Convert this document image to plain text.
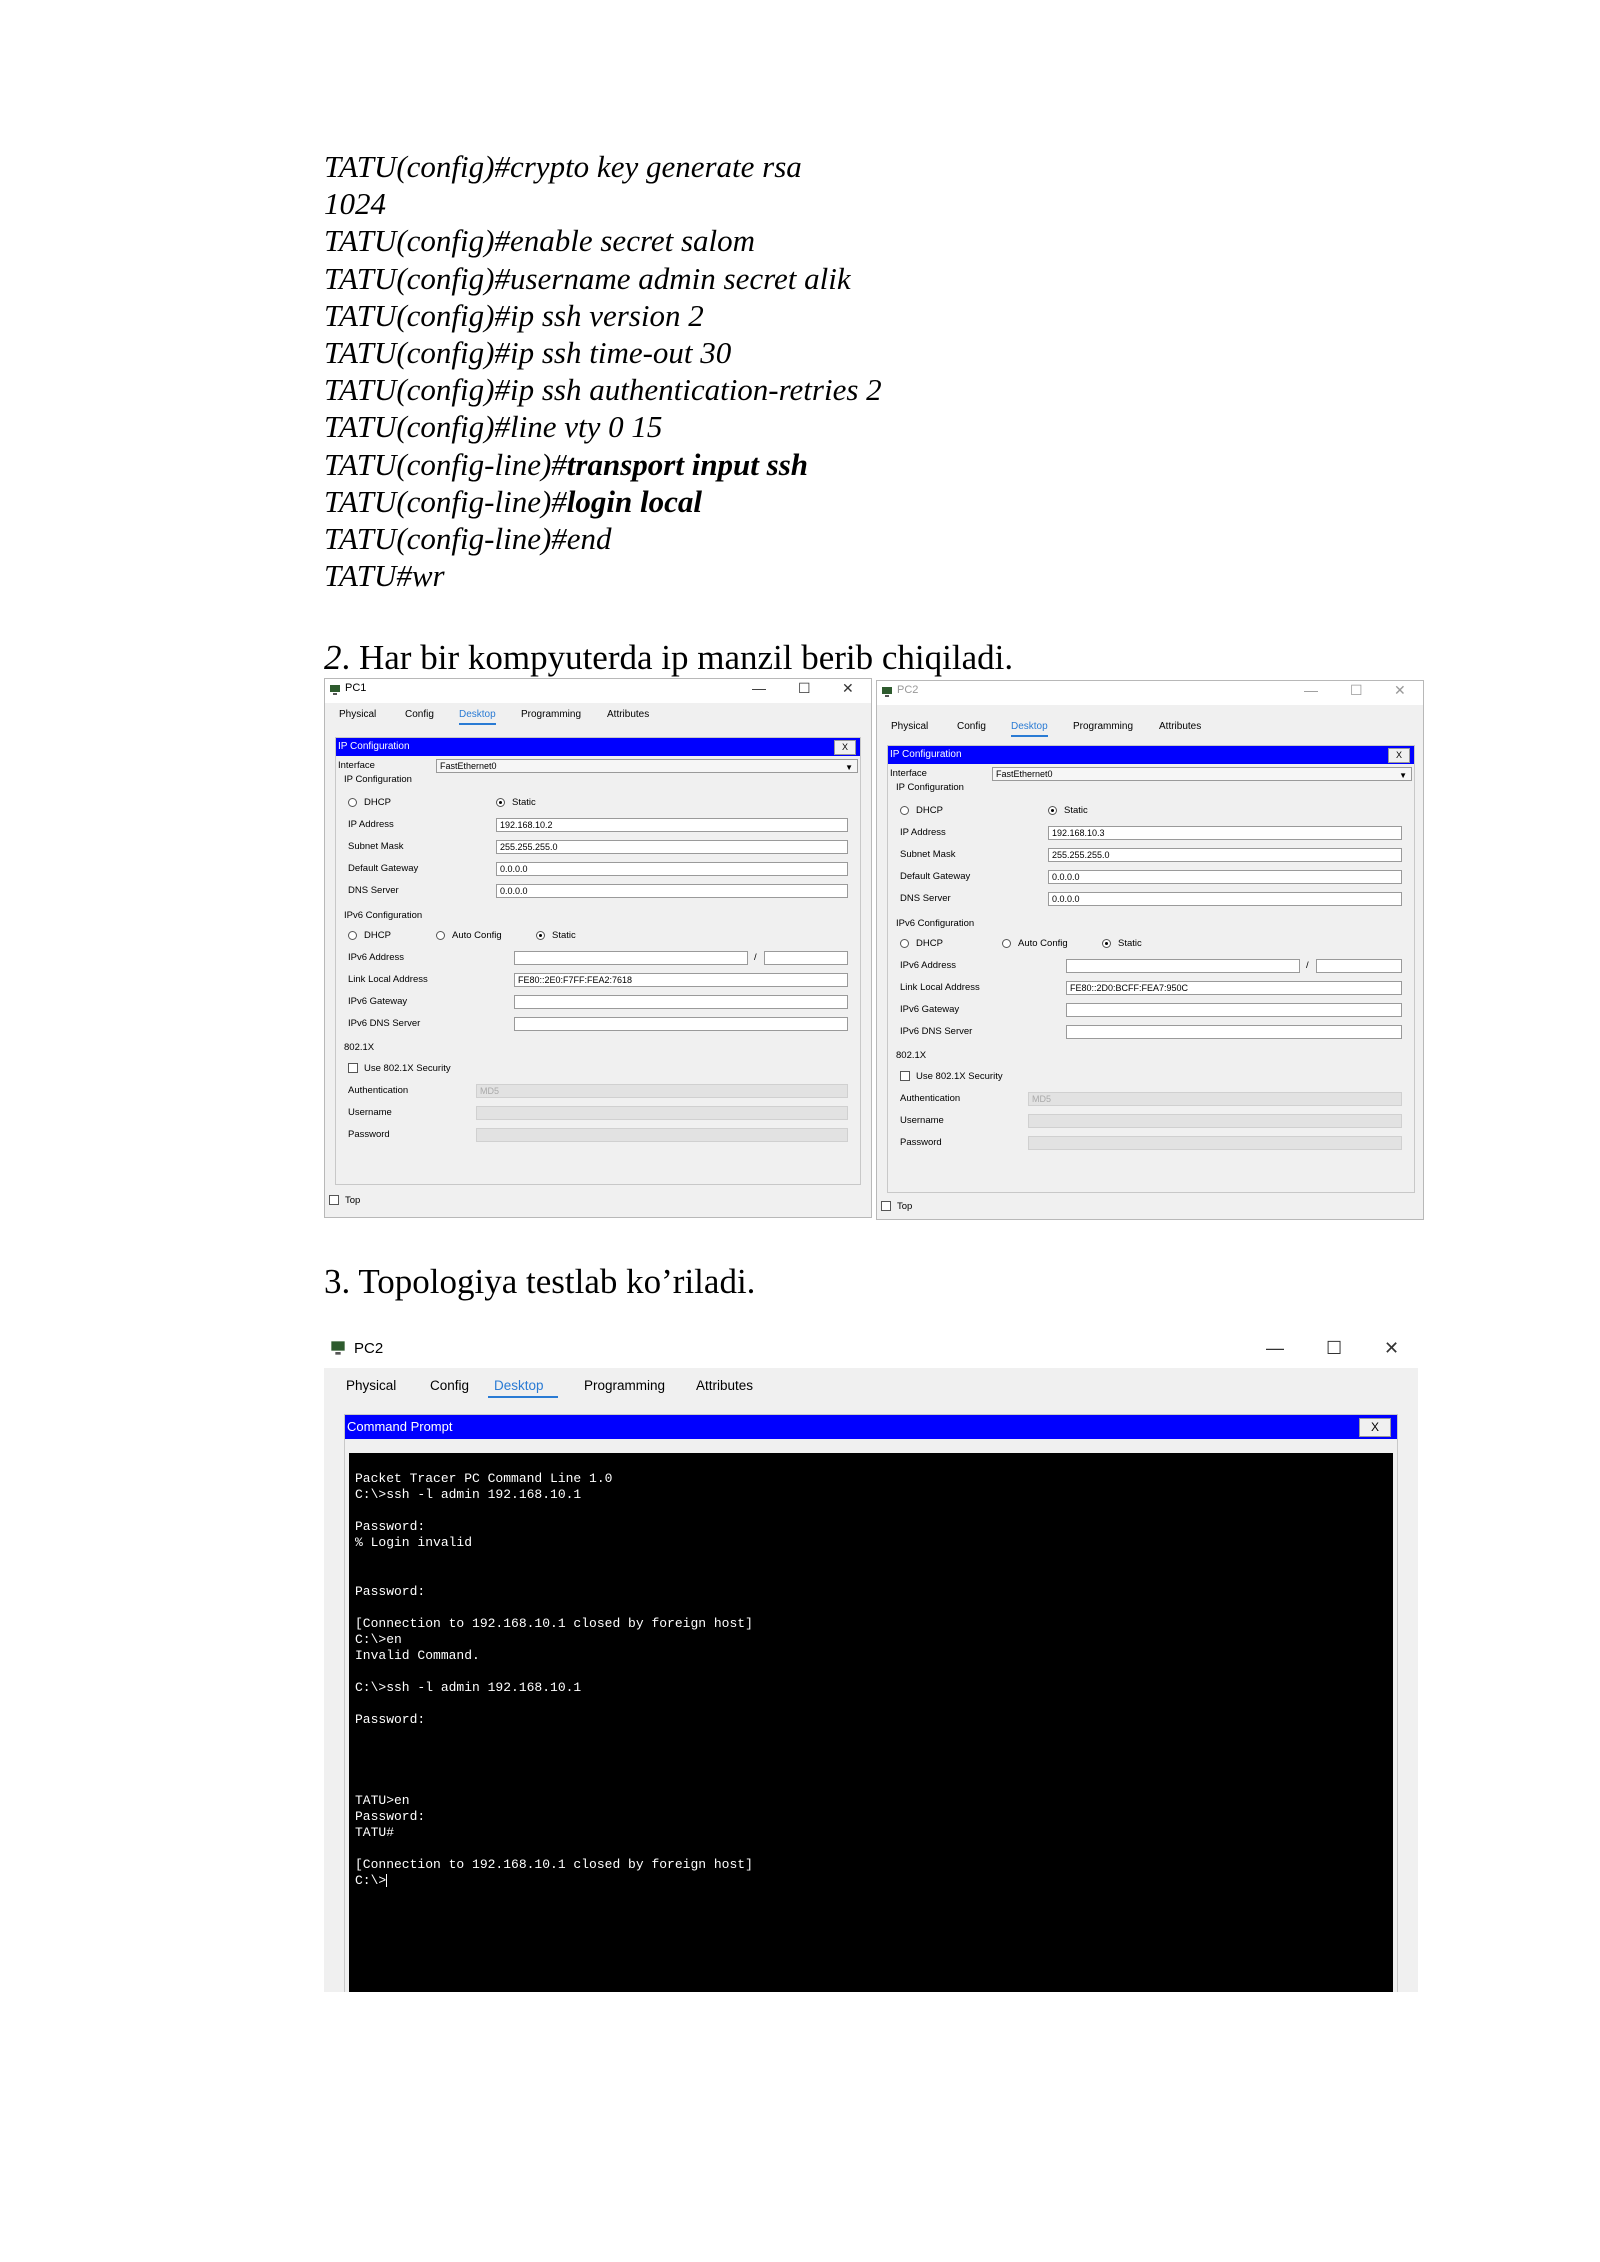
TATU(config)#crypto key generate rsa
1024
TATU(config)#enable secret salom
TATU(config)#username admin secret alik
TATU(config)#ip ssh version 2
TATU(config)#ip ssh time-out 30
TATU(config)#ip ssh authentication-retries 2
TATU(config)#line vty 0 15
TATU(config-line)#transport input ssh
TATU(config-line)#login local
TATU(config-line)#end
TATU#wr
2. Har bir kompyuterda ip manzil berib chiqiladi.
PC1	— ☐ ✕
Physical	Config	Desktop	Programming	Attributes
IP Configuration	X
Interface	FastEthernet0	▼
IP Configuration
DHCP	Static
IP Address	192.168.10.2
Subnet Mask	255.255.255.0
Default Gateway	0.0.0.0
DNS Server	0.0.0.0
IPv6 Configuration
DHCP	Auto Config	Static
IPv6 Address	/
Link Local Address	FE80::2E0:F7FF:FEA2:7618
IPv6 Gateway
IPv6 DNS Server
802.1X
Use 802.1X Security
Authentication	MD5
Username
Password
Top
PC2	— ☐ ✕
Physical	Config	Desktop	Programming	Attributes
IP Configuration	X
Interface	FastEthernet0	▼
IP Configuration
DHCP	Static
IP Address	192.168.10.3
Subnet Mask	255.255.255.0
Default Gateway	0.0.0.0
DNS Server	0.0.0.0
IPv6 Configuration
DHCP	Auto Config	Static
IPv6 Address	/
Link Local Address	FE80::2D0:BCFF:FEA7:950C
IPv6 Gateway
IPv6 DNS Server
802.1X
Use 802.1X Security
Authentication	MD5
Username
Password
Top
3. Topologiya testlab ko’riladi.
PC2	— ☐ ✕
Physical Config	Desktop	Programming Attributes
Command Prompt	X
Packet Tracer PC Command Line 1.0
C:\>ssh -l admin 192.168.10.1
Password:
% Login invalid
Password:
[Connection to 192.168.10.1 closed by foreign host]
C:\>en
Invalid Command.
C:\>ssh -l admin 192.168.10.1
Password:
TATU>en
Password:
TATU#
[Connection to 192.168.10.1 closed by foreign host]
C:\>
